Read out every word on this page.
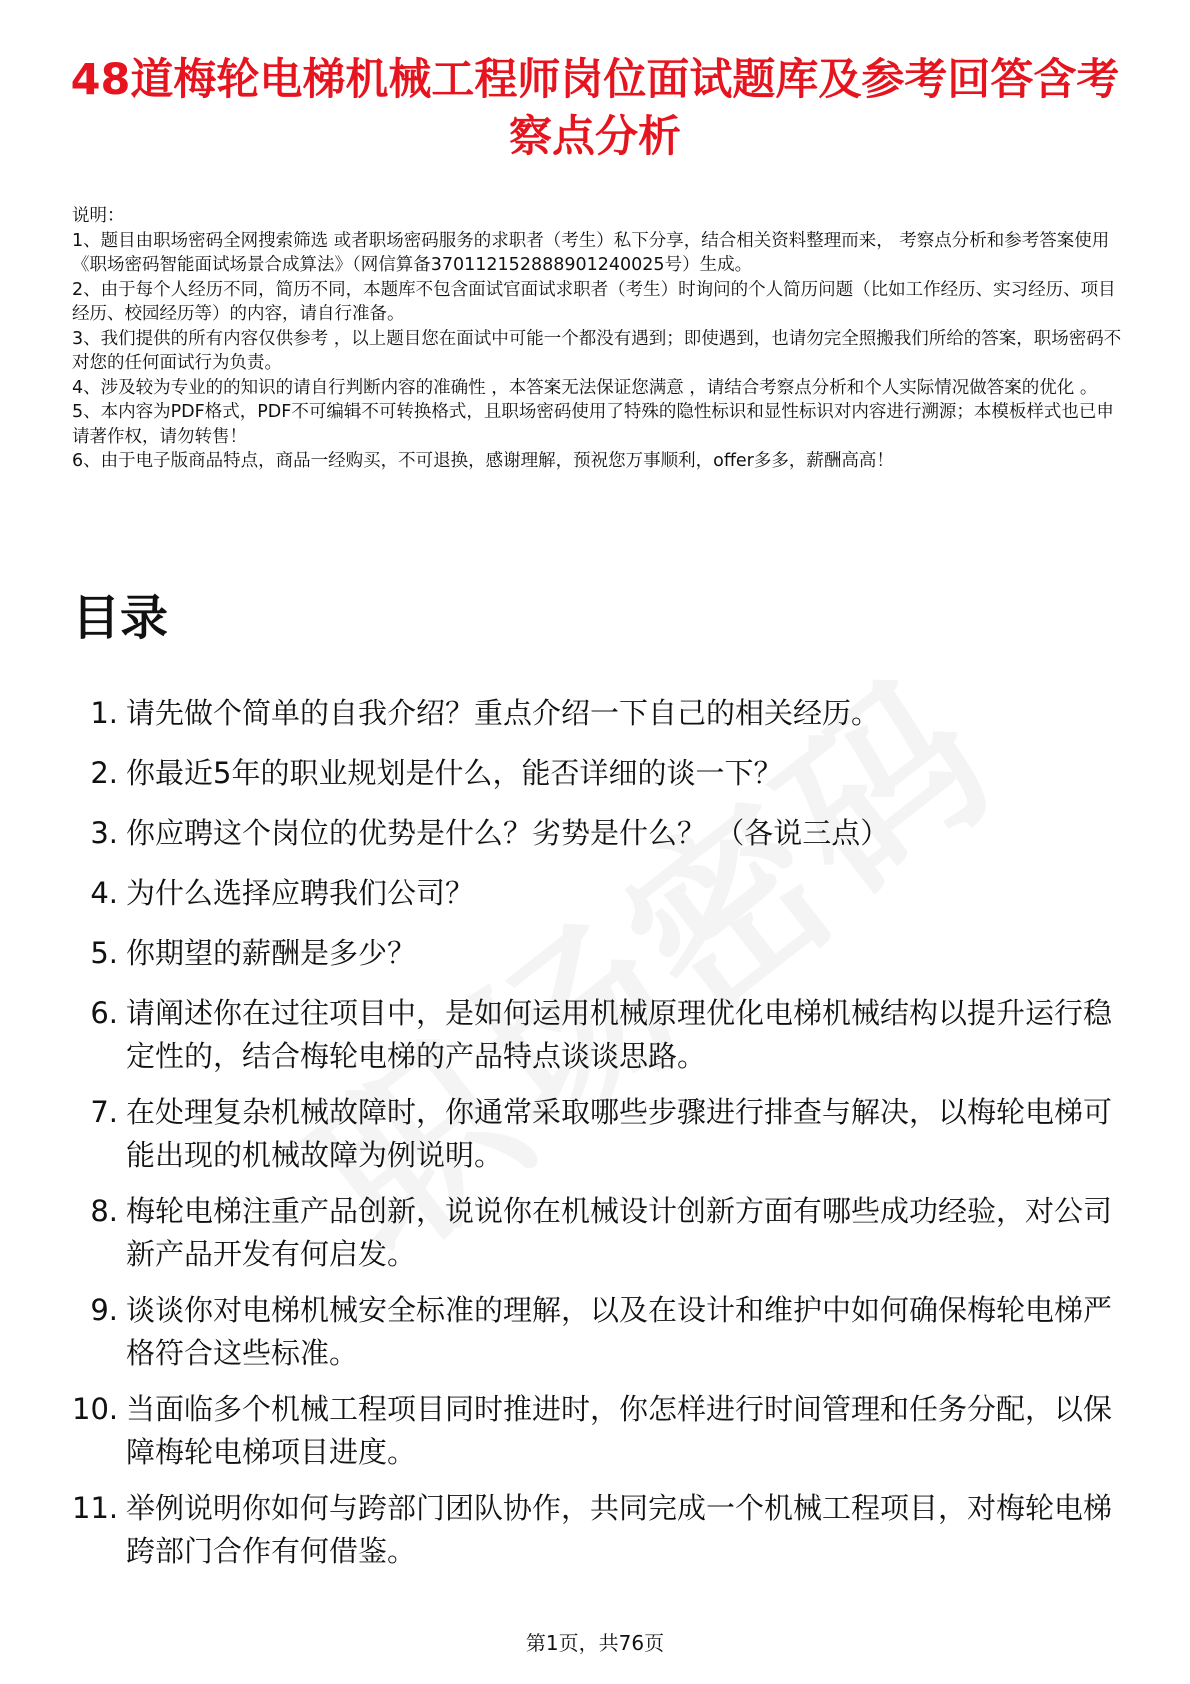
48道梅轮电梯机械工程师岗位面试题库及参考回答含考察点分析

说明：

1、题目由职场密码全网搜索筛选 或者职场密码服务的求职者（考生）私下分享，结合相关资料整理而来， 考察点分析和参考答案使用《职场密码智能面试场景合成算法》（网信算备370112152888901240025号）生成。

2、由于每个人经历不同，简历不同，本题库不包含面试官面试求职者（考生）时询问的个人简历问题（比如工作经历、实习经历、项目经历、校园经历等）的内容，请自行准备。

3、我们提供的所有内容仅供参考 ，以上题目您在面试中可能一个都没有遇到；即使遇到，也请勿完全照搬我们所给的答案，职场密码不对您的任何面试行为负责。

4、涉及较为专业的的知识的请自行判断内容的准确性 ，本答案无法保证您满意 ，请结合考察点分析和个人实际情况做答案的优化 。

5、本内容为PDF格式，PDF不可编辑不可转换格式，且职场密码使用了特殊的隐性标识和显性标识对内容进行溯源；本模板样式也已申请著作权，请勿转售！

6、由于电子版商品特点，商品一经购买，不可退换，感谢理解，预祝您万事顺利，offer多多，薪酬高高！

目录
1. 请先做个简单的自我介绍？重点介绍一下自己的相关经历。
2. 你最近5年的职业规划是什么，能否详细的谈一下？
3. 你应聘这个岗位的优势是什么？劣势是什么？ （各说三点）
4. 为什么选择应聘我们公司？
5. 你期望的薪酬是多少？
6. 请阐述你在过往项目中，是如何运用机械原理优化电梯机械结构以提升运行稳定性的，结合梅轮电梯的产品特点谈谈思路。
7. 在处理复杂机械故障时，你通常采取哪些步骤进行排查与解决，以梅轮电梯可能出现的机械故障为例说明。
8. 梅轮电梯注重产品创新，说说你在机械设计创新方面有哪些成功经验，对公司新产品开发有何启发。
9. 谈谈你对电梯机械安全标准的理解，以及在设计和维护中如何确保梅轮电梯严格符合这些标准。
10. 当面临多个机械工程项目同时推进时，你怎样进行时间管理和任务分配，以保障梅轮电梯项目进度。
11. 举例说明你如何与跨部门团队协作，共同完成一个机械工程项目，对梅轮电梯跨部门合作有何借鉴。
第1页，共76页
